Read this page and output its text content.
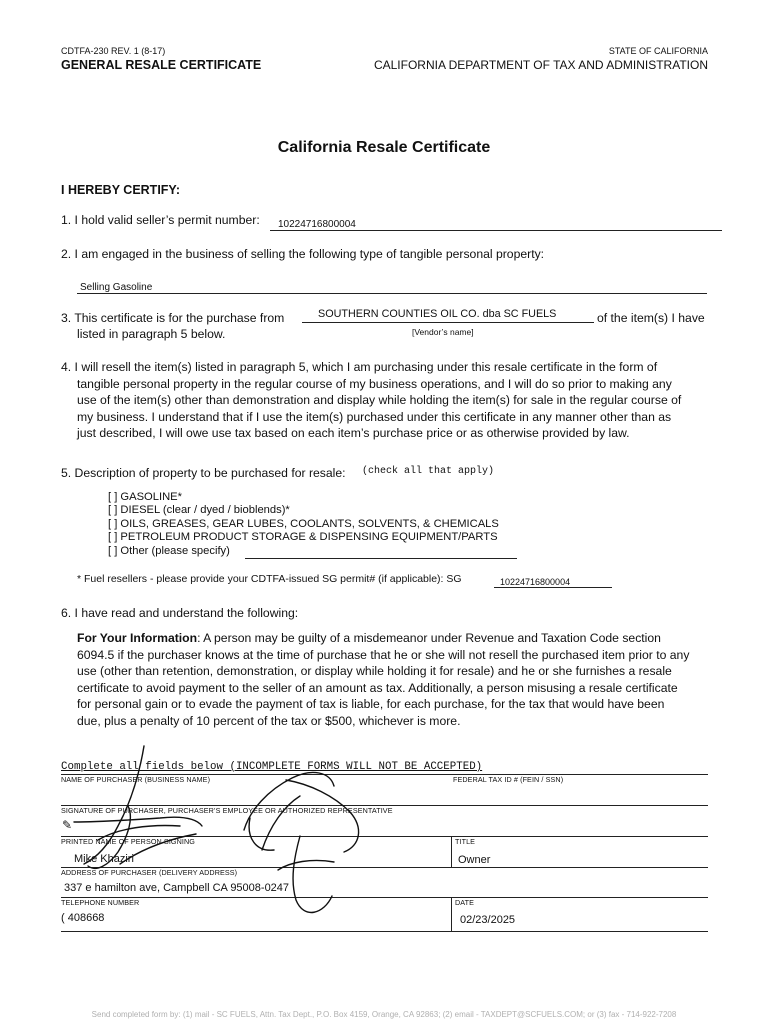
CDTFA-230 REV. 1 (8-17)
GENERAL RESALE CERTIFICATE
STATE OF CALIFORNIA
CALIFORNIA DEPARTMENT OF TAX AND ADMINISTRATION
California Resale Certificate
I HEREBY CERTIFY:
1. I hold valid seller’s permit number: 10224716800004
2. I am engaged in the business of selling the following type of tangible personal property:
Selling Gasoline
3. This certificate is for the purchase from	SOUTHERN COUNTIES OIL CO. dba SC FUELS	of the item(s) I have
listed in paragraph 5 below.	[Vendor’s name]
4. I will resell the item(s) listed in paragraph 5, which I am purchasing under this resale certificate in the form of
tangible personal property in the regular course of my business operations, and I will do so prior to making any
use of the item(s) other than demonstration and display while holding the item(s) for sale in the regular course of
my business. I understand that if I use the item(s) purchased under this certificate in any manner other than as
just described, I will owe use tax based on each item’s purchase price or as otherwise provided by law.
5. Description of property to be purchased for resale: (check all that apply)
[ ] GASOLINE*
[ ] DIESEL (clear / dyed / bioblends)*
[ ] OILS, GREASES, GEAR LUBES, COOLANTS, SOLVENTS, & CHEMICALS
[ ] PETROLEUM PRODUCT STORAGE & DISPENSING EQUIPMENT/PARTS
[ ] Other (please specify)
* Fuel resellers - please provide your CDTFA-issued SG permit# (if applicable): SG	10224716800004
6. I have read and understand the following:
For Your Information: A person may be guilty of a misdemeanor under Revenue and Taxation Code section
6094.5 if the purchaser knows at the time of purchase that he or she will not resell the purchased item prior to any
use (other than retention, demonstration, or display while holding it for resale) and he or she furnishes a resale
certificate to avoid payment to the seller of an amount as tax. Additionally, a person misusing a resale certificate
for personal gain or to evade the payment of tax is liable, for each purchase, for the tax that would have been
due, plus a penalty of 10 percent of the tax or $500, whichever is more.
Complete all fields below (INCOMPLETE FORMS WILL NOT BE ACCEPTED)
NAME OF PURCHASER (BUSINESS NAME)	FEDERAL TAX ID # (FEIN / SSN)
SIGNATURE OF PURCHASER, PURCHASER’S EMPLOYEE OR AUTHORIZED REPRESENTATIVE
✎
PRINTED NAME OF PERSON SIGNING	TITLE
Mike Khaziri	Owner
ADDRESS OF PURCHASER (DELIVERY ADDRESS)
337 e hamilton ave, Campbell CA 95008-0247
TELEPHONE NUMBER	DATE
( 408668	02/23/2025
Send completed form by: (1) mail - SC FUELS, Attn. Tax Dept., P.O. Box 4159, Orange, CA 92863; (2) email - TAXDEPT@SCFUELS.COM; or (3) fax - 714-922-7208
